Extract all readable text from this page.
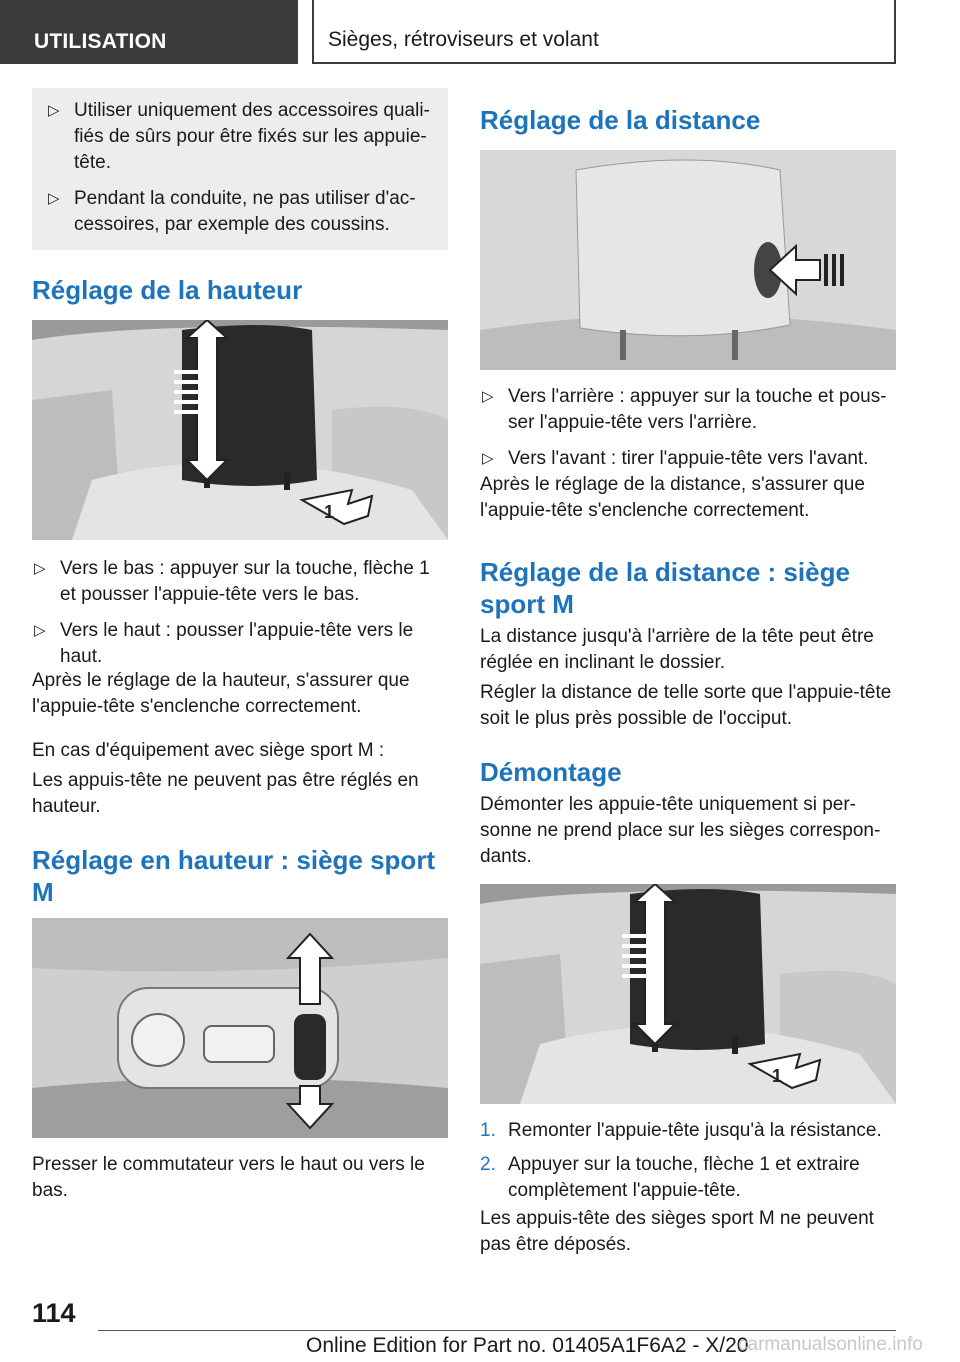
UTILISATION	Sièges, rétroviseurs et volant
▷ Utiliser uniquement des accessoires quali-fiés de sûrs pour être fixés sur les appuie-tête.
▷ Pendant la conduite, ne pas utiliser d'ac-cessoires, par exemple des coussins.
Réglage de la hauteur
1
▷ Vers le bas : appuyer sur la touche, flèche 1 et pousser l'appuie-tête vers le bas.
▷ Vers le haut : pousser l'appuie-tête vers le haut.

Après le réglage de la hauteur, s'assurer que l'appuie-tête s'enclenche correctement.

En cas d'équipement avec siège sport M :

Les appuis-tête ne peuvent pas être réglés en hauteur.

Réglage en hauteur : siège sport M

Presser le commutateur vers le haut ou vers le bas.

Réglage de la distance
▷ Vers l'arrière : appuyer sur la touche et pous-ser l'appuie-tête vers l'arrière.
▷ Vers l'avant : tirer l'appuie-tête vers l'avant.

Après le réglage de la distance, s'assurer que l'appuie-tête s'enclenche correctement.

Réglage de la distance : siège sport M

La distance jusqu'à l'arrière de la tête peut être réglée en inclinant le dossier.

Régler la distance de telle sorte que l'appuie-tête soit le plus près possible de l'occiput.

Démontage

Démonter les appuie-tête uniquement si per-sonne ne prend place sur les sièges correspon-dants.

1
1. Remonter l'appuie-tête jusqu'à la résistance.
2. Appuyer sur la touche, flèche 1 et extraire complètement l'appuie-tête.

Les appuis-tête des sièges sport M ne peuvent pas être déposés.

114
Online Edition for Part no. 01405A1F6A2 - X/20
carmanualsonline.info
